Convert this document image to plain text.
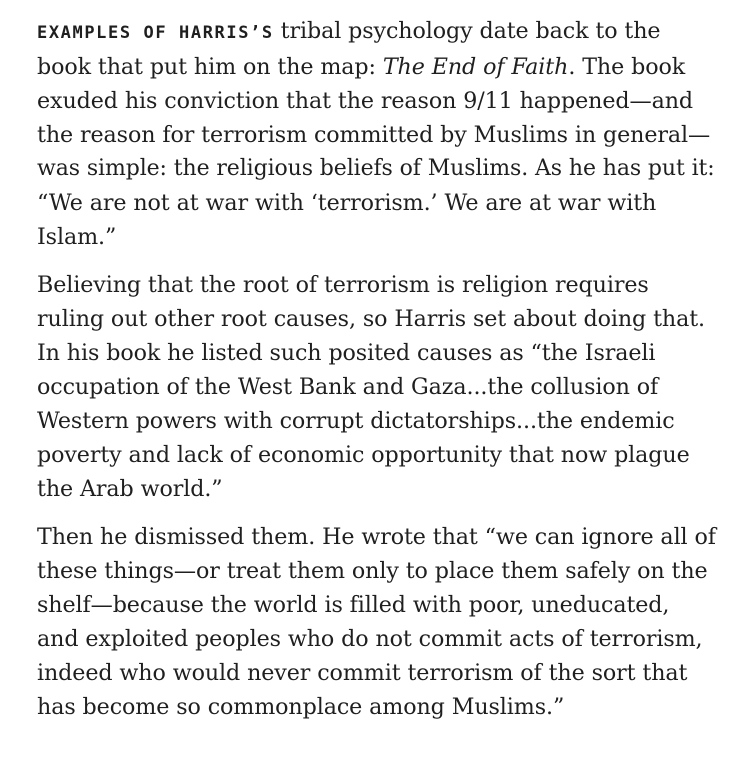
EXAMPLES OF HARRIS’S tribal psychology date back to the
book that put him on the map: The End of Faith. The book
exuded his conviction that the reason 9/11 happened—and
the reason for terrorism committed by Muslims in general—
was simple: the religious beliefs of Muslims. As he has put it:
“We are not at war with ‘terrorism.’ We are at war with
Islam.”

Believing that the root of terrorism is religion requires
ruling out other root causes, so Harris set about doing that.
In his book he listed such posited causes as “the Israeli
occupation of the West Bank and Gaza...the collusion of
Western powers with corrupt dictatorships...the endemic
poverty and lack of economic opportunity that now plague
the Arab world.”

Then he dismissed them. He wrote that “we can ignore all of
these things—or treat them only to place them safely on the
shelf—because the world is filled with poor, uneducated,
and exploited peoples who do not commit acts of terrorism,
indeed who would never commit terrorism of the sort that
has become so commonplace among Muslims.”
